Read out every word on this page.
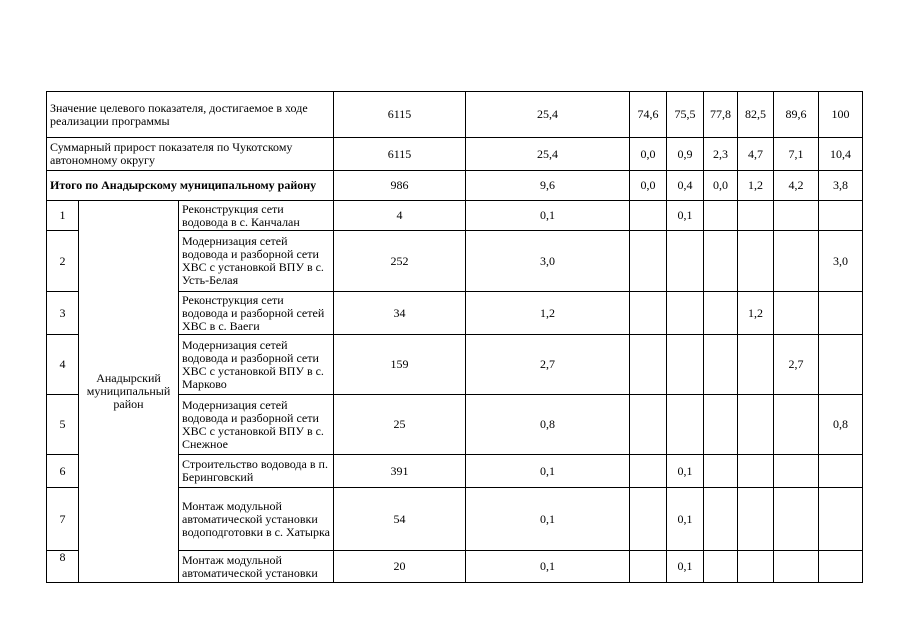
Значение целевого показателя, достигаемое в ходе реализации программы			6115	25,4	74,6	75,5	77,8	82,5	89,6	100
Суммарный прирост показателя по Чукотскому автономному округу			6115	25,4	0,0	0,9	2,3	4,7	7,1	10,4
Итого по Анадырскому муниципальному району			986	9,6	0,0	0,4	0,0	1,2	4,2	3,8
1	Анадырский муниципальный район	Реконструкция сети водовода в с. Канчалан	4	0,1		0,1				
2		Модернизация сетей водовода и разборной сети ХВС с установкой ВПУ в с. Усть-Белая	252	3,0						3,0
3		Реконструкция сети водовода и разборной сетей ХВС в с. Ваеги	34	1,2				1,2		
4		Модернизация сетей водовода и разборной сети ХВС с установкой ВПУ в с. Марково	159	2,7					2,7	
5		Модернизация сетей водовода и разборной сети ХВС с установкой ВПУ в с. Снежное	25	0,8						0,8
6		Строительство водовода в п. Беринговский	391	0,1		0,1				
7		Монтаж модульной автоматической установки водоподготовки в с. Хатырка	54	0,1		0,1				
8		Монтаж модульной автоматической установки	20	0,1		0,1				
